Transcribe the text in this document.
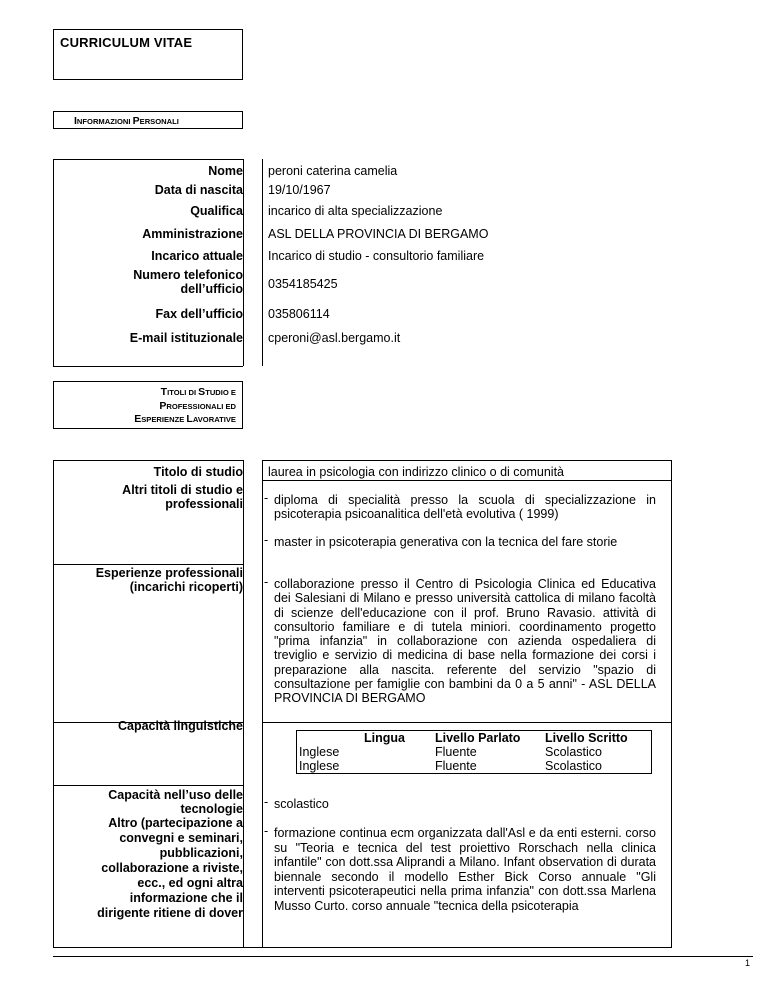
CURRICULUM VITAE
INFORMAZIONI PERSONALI
Nome peroni caterina camelia
Data di nascita 19/10/1967
Qualifica incarico di alta specializzazione
Amministrazione ASL DELLA PROVINCIA DI BERGAMO
Incarico attuale Incarico di studio - consultorio familiare
Numero telefonico
dell’ufficio 0354185425
Fax dell’ufficio 035806114
E-mail istituzionale cperoni@asl.bergamo.it
TITOLI DI STUDIO E
PROFESSIONALI ED
ESPERIENZE LAVORATIVE
Titolo di studio laurea in psicologia con indirizzo clinico o di comunità
Altri titoli di studio e
professionali - diploma di specialità presso la scuola di specializzazione in psicoterapia psicoanalitica dell'età evolutiva ( 1999)
- master in psicoterapia generativa con la tecnica del fare storie
Esperienze professionali
(incarichi ricoperti) - collaborazione presso il Centro di Psicologia Clinica ed Educativa dei Salesiani di Milano e presso università cattolica di milano facoltà di scienze dell'educazione con il prof. Bruno Ravasio. attività di consultorio familiare e di tutela miniori. coordinamento progetto "prima infanzia" in collaborazione con azienda ospedaliera di treviglio e servizio di medicina di base nella formazione dei corsi i preparazione alla nascita. referente del servizio "spazio di consultazione per famiglie con bambini da 0 a 5 anni" - ASL DELLA PROVINCIA DI BERGAMO
Capacità linguistiche
Lingua	Livello Parlato	Livello Scritto
Inglese	Fluente	Scolastico
Inglese	Fluente	Scolastico
Capacità nell’uso delle
tecnologie - scolastico
Altro (partecipazione a
convegni e seminari,
pubblicazioni,
collaborazione a riviste,
ecc., ed ogni altra
informazione che il
dirigente ritiene di dover
- formazione continua ecm organizzata dall'Asl e da enti esterni. corso su "Teoria e tecnica del test proiettivo Rorschach nella clinica infantile" con dott.ssa Aliprandi a Milano. Infant observation di durata biennale secondo il modello Esther Bick Corso annuale "Gli interventi psicoterapeutici nella prima infanzia" con dott.ssa Marlena Musso Curto. corso annuale "tecnica della psicoterapia
1
